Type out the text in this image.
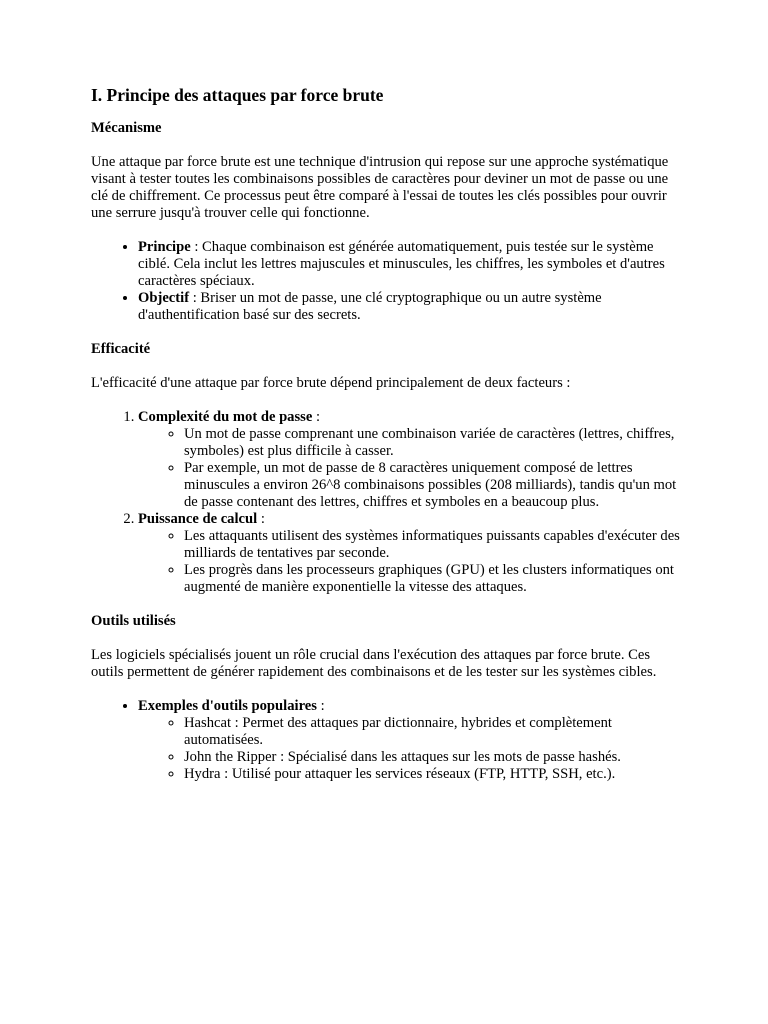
I. Principe des attaques par force brute
Mécanisme

Une attaque par force brute est une technique d'intrusion qui repose sur une approche systématique visant à tester toutes les combinaisons possibles de caractères pour deviner un mot de passe ou une clé de chiffrement. Ce processus peut être comparé à l'essai de toutes les clés possibles pour ouvrir une serrure jusqu'à trouver celle qui fonctionne.

• Principe : Chaque combinaison est générée automatiquement, puis testée sur le système ciblé. Cela inclut les lettres majuscules et minuscules, les chiffres, les symboles et d'autres caractères spéciaux.
• Objectif : Briser un mot de passe, une clé cryptographique ou un autre système d'authentification basé sur des secrets.
Efficacité

L'efficacité d'une attaque par force brute dépend principalement de deux facteurs :

1. Complexité du mot de passe :
◦ Un mot de passe comprenant une combinaison variée de caractères (lettres, chiffres, symboles) est plus difficile à casser.
◦ Par exemple, un mot de passe de 8 caractères uniquement composé de lettres minuscules a environ 26^8 combinaisons possibles (208 milliards), tandis qu'un mot de passe contenant des lettres, chiffres et symboles en a beaucoup plus.
2. Puissance de calcul :
◦ Les attaquants utilisent des systèmes informatiques puissants capables d'exécuter des milliards de tentatives par seconde.
◦ Les progrès dans les processeurs graphiques (GPU) et les clusters informatiques ont augmenté de manière exponentielle la vitesse des attaques.
Outils utilisés

Les logiciels spécialisés jouent un rôle crucial dans l'exécution des attaques par force brute. Ces outils permettent de générer rapidement des combinaisons et de les tester sur les systèmes cibles.

• Exemples d'outils populaires :
◦ Hashcat : Permet des attaques par dictionnaire, hybrides et complètement automatisées.
◦ John the Ripper : Spécialisé dans les attaques sur les mots de passe hashés.
◦ Hydra : Utilisé pour attaquer les services réseaux (FTP, HTTP, SSH, etc.).
